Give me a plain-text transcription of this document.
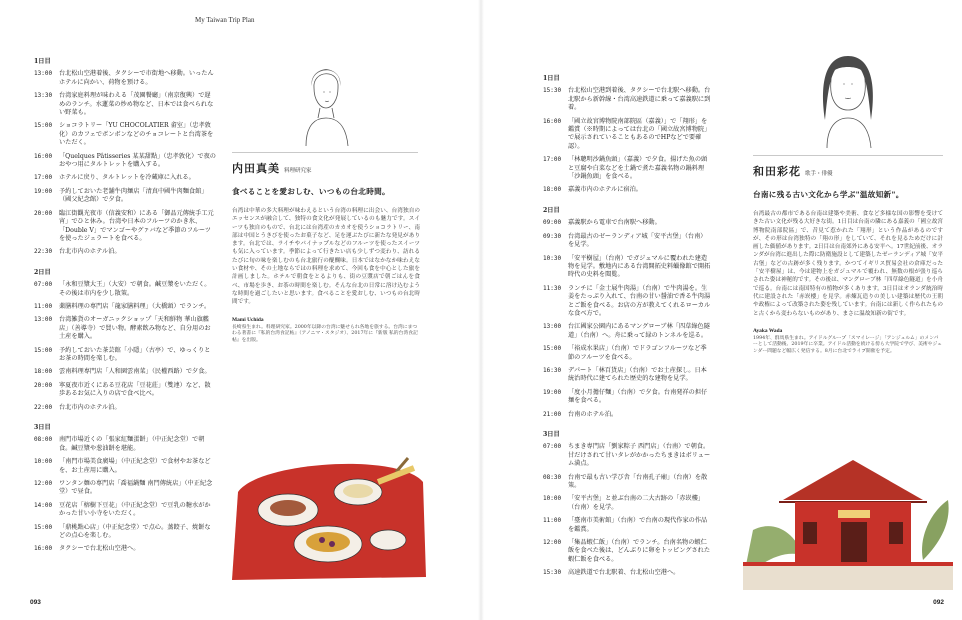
My Taiwan Trip Plan
1日目
13:00	台北松山空港着後、タクシーで市街地へ移動。いったんホテルに向かい、荷物を預ける。
13:30	台湾家庭料理が味わえる「茂園餐廳」（南京復興）で遅めのランチ。水蓮菜の炒め物など、日本では食べられない野菜も。
15:00	ショコラトリー「YU CHOCOLATIER 畬室」（忠孝敦化）のカフェでボンボンなどのチョコレートと台湾茶をいただく。
16:00	「Quelques Pâtisseries 某某甜點」（忠孝敦化）で夜のおやつ用にタルトレットを購入する。
17:00	ホテルに戻り、タルトレットを冷蔵庫に入れる。
19:00	予約しておいた老舗牛肉麺店「清真中國牛肉麵食館」（國父紀念館）で夕食。
20:00	臨江街觀光夜市（信義安和）にある「御品元傳統手工元宵」でひと休み。台湾や日本のフルーツのかき氷、「Double V」でマンゴーやグァバなど季節のフルーツを使ったジェラートを食べる。
22:30	台北市内のホテル泊。
2日目
07:00	「永和豆漿大王」（大安）で朝食。鹹豆漿をいただく。その後は市内を少し散策。
11:00	薬膳料理の専門店「龍家膳料理」（大橋頭）でランチ。
13:00	台湾雑貨のオーガニックショップ「天和鮮物 華山旗艦店」（善導寺）で買い物。酵素飲み物など、自分用のお土産を購入。
15:00	予約しておいた茶芸館「小隱」（古亭）で、ゆっくりとお茶の時間を楽しむ。
18:00	雲南料理専門店「人和園雲南菜」（民權西路）で夕食。
20:00	寧夏夜市近くにある豆花店「豆花莊」（雙連）など、散歩あるお気に入りの店で食べ比べ。
22:00	台北市内のホテル泊。
3日目
08:00	南門市場近くの「張家紅麵蛋餅」（中正紀念堂）で朝食。鹹豆漿や葱油餅を堪能。
10:00	「南門市場美食廣場」（中正紀念堂）で食材やお茶などを、お土産用に購入。
12:00	ワンタン麺の専門店「喬福鍋麵 南門傳統店」（中正紀念堂）で昼食。
14:00	豆花店「榕樹下豆花」（中正紀念堂）で豆乳の糖水がかかった甘い小寺をいただく。
15:00	「鼎桃點心店」（中正紀念堂）で点心。蒸餃子、焼餅などの点心を楽しむ。
16:00	タクシーで台北松山空港へ。
内田真美 料理研究家
食べることを愛おしむ、いつもの台北時間。
台湾は中華の多大料理が味わえるという台湾の料理に出会い、台湾独自のエッセンスが融合して、独特の食文化が発展しているのも魅力です。スイーツも独自のもので、台北には台湾産のカカオを使うショコラトリー、南部は中国とうきびを使ったお菓子など、足を運ぶたびに新たな発見があります。台北では、ライチやパイナップルなどのフルーツを使ったスイーツも気に入っています。季節によって行きたい店も少しずつ変わり、訪れるたびに旬の味を楽しむのも台北旅行の醍醐味。日本ではなかなか味わえない食材や、その土地ならではの料理を求めて、今回も食を中心とした旅を計画しました。ホテルで朝食をとるよりも、街の豆漿店で朝ごはんを食べ、市場を歩き、お茶の時間を楽しむ。そんな台北の日常に溶け込むような時間を過ごしたいと思います。食べることを愛おしむ、いつもの台北時間です。
Mami Uchida
長崎県生まれ。料理研究家。2000年以降の台湾に魅せられ各地を旅する。台湾にまつわる著書に『私的台湾食記帖』（アノニマ・スタジオ）、2017年に『新版 私的台湾食記帖』を出版。
093
1日目
15:30	台北松山空港到着後、タクシーで台北駅へ移動。台北駅から新幹線・台湾高速鉄道に乗って嘉義駅に到着。
16:00	「國立故宮博物院南部院區（嘉義）」で「翔形」を鑑賞（※時期によっては台北の「國立故宮博物院」で展示されていることもあるのでHPなどで要確認）。
17:00	「林聰明沙鍋魚頭」（嘉義）で夕食。揚げた魚の頭と豆腐や白菜などを土鍋で煮た嘉義名物の鍋料理「沙鍋魚頭」を食べる。
18:00	嘉義市内のホテルに宿泊。
2日目
09:00	嘉義駅から電車で台南駅へ移動。
09:30	台湾最古のゼーランディア城「安平古堡」（台南）を見学。
10:30	「安平樹屋」（台南）でガジュマルに覆われた建造物を見学。敷地内にある台湾開拓史料蠟像館で開拓時代の史料を閲覧。
11:30	ランチに「金士展牛肉湯」（台南）で牛肉湯を。生姜をたっぷり入れて、台南の甘い醤油で香る牛肉湯とご飯を食べる。お店の方が教えてくれるローカルな食べ方で。
13:00	台江國家公園内にあるマングローブ林「四草綠色隧道」（台南）へ。舟に乗って緑のトンネルを巡る。
15:00	「裕成水果店」（台南）でドラゴンフルーツなど季節のフルーツを食べる。
16:30	デパート「林百貨店」（台南）でお土産探し。日本統治時代に建てられた歴史的な建物を見学。
19:00	「度小月擔仔麵」（台南）で夕食。台南発祥の担仔麺を食べる。
21:00	台南のホテル泊。
3日目
07:00	ちまき専門店「劉家粽子 西門店」（台南）で朝食。甘だけされて甘いタレがかかったちまきはボリューム満点。
08:30	台南で最も古い学び舎「台南孔子廟」（台南）を散策。
10:00	「安平古堡」と並ぶ台南の二大古跡の「赤崁樓」（台南）を見学。
11:00	「臺南市美術館」（台南）で台南の現代作家の作品を鑑賞。
12:00	「集品蝦仁飯」（台南）でランチ。台南名物の蝦仁飯を食べた後は、どんぶりに卵をトッピングされた蝦仁飯を食べる。
15:30	高速鉄道で台北駅着、台北松山空港へ。
和田彩花 歌手・俳優
台南に残る古い文化から学ぶ"温故知新"。
台湾最古の都市である台南は建築や美術、食など多様な国の影響を受けてきた古い文化が残る大好きな街。1日目は台南の隣にある嘉義の「國立故宮博物院南部院區」で、昔見て惹かれた「翔形」という作品があるのですが、その形は台湾独特の「翔の形」をしていて、それを見るためだけに計画した価値があります。2日目は台南郊外にある安平へ。17世紀前後、オランダが台湾に進出した際に防衛施設として建築したゼーランディア城「安平古堡」などの古跡が多く残ります。かつてイギリス貿易会社の倉庫だった「安平樹屋」は、今は建物上をガジュマルで覆われ、無数の根が張り巡らされた姿は神秘的です。その後は、マングローブ林「四草綠色隧道」を小舟で巡る。台南には南国特有の植物が多くあります。3日目はオランダ統治時代に建設された「赤崁樓」を見学。赤煉瓦造りの美しい建築は歴代の王朝や政権によって改築された姿を残しています。台南には新しく作られたものと古くから変わらないものがあり、まさに温故知新の街です。
Ayaka Wada
1994年、群馬県生まれ。アイドルグループ「スマイレージ」「アンジュルム」のメンバーとして活動後、2019年に卒業。アイドル活動を続ける傍ら大学院で学び、美術やジェンダー問題など幅広く発信する。8月に台北でライブ開催を予定。
092
